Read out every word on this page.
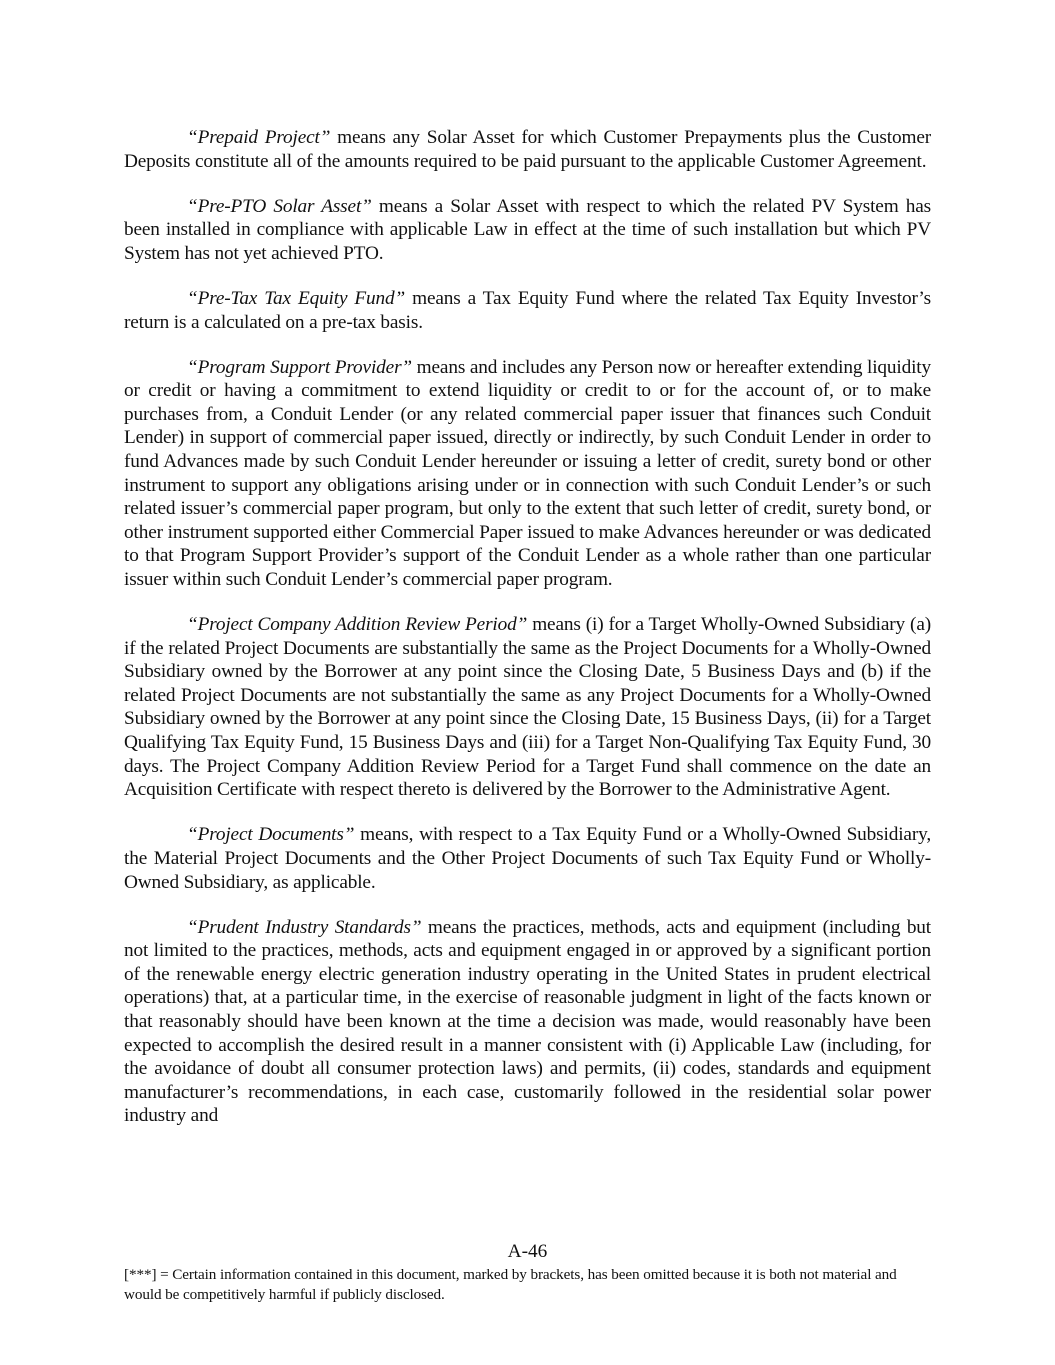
“Prepaid Project” means any Solar Asset for which Customer Prepayments plus the Customer Deposits constitute all of the amounts required to be paid pursuant to the applicable Customer Agreement.

“Pre-PTO Solar Asset” means a Solar Asset with respect to which the related PV System has been installed in compliance with applicable Law in effect at the time of such installation but which PV System has not yet achieved PTO.

“Pre-Tax Tax Equity Fund” means a Tax Equity Fund where the related Tax Equity Investor’s return is a calculated on a pre-tax basis.

“Program Support Provider” means and includes any Person now or hereafter extending liquidity or credit or having a commitment to extend liquidity or credit to or for the account of, or to make purchases from, a Conduit Lender (or any related commercial paper issuer that finances such Conduit Lender) in support of commercial paper issued, directly or indirectly, by such Conduit Lender in order to fund Advances made by such Conduit Lender hereunder or issuing a letter of credit, surety bond or other instrument to support any obligations arising under or in connection with such Conduit Lender’s or such related issuer’s commercial paper program, but only to the extent that such letter of credit, surety bond, or other instrument supported either Commercial Paper issued to make Advances hereunder or was dedicated to that Program Support Provider’s support of the Conduit Lender as a whole rather than one particular issuer within such Conduit Lender’s commercial paper program.

“Project Company Addition Review Period” means (i) for a Target Wholly-Owned Subsidiary (a) if the related Project Documents are substantially the same as the Project Documents for a Wholly-Owned Subsidiary owned by the Borrower at any point since the Closing Date, 5 Business Days and (b) if the related Project Documents are not substantially the same as any Project Documents for a Wholly-Owned Subsidiary owned by the Borrower at any point since the Closing Date, 15 Business Days, (ii) for a Target Qualifying Tax Equity Fund, 15 Business Days and (iii) for a Target Non-Qualifying Tax Equity Fund, 30 days. The Project Company Addition Review Period for a Target Fund shall commence on the date an Acquisition Certificate with respect thereto is delivered by the Borrower to the Administrative Agent.

“Project Documents” means, with respect to a Tax Equity Fund or a Wholly-Owned Subsidiary, the Material Project Documents and the Other Project Documents of such Tax Equity Fund or Wholly-Owned Subsidiary, as applicable.

“Prudent Industry Standards” means the practices, methods, acts and equipment (including but not limited to the practices, methods, acts and equipment engaged in or approved by a significant portion of the renewable energy electric generation industry operating in the United States in prudent electrical operations) that, at a particular time, in the exercise of reasonable judgment in light of the facts known or that reasonably should have been known at the time a decision was made, would reasonably have been expected to accomplish the desired result in a manner consistent with (i) Applicable Law (including, for the avoidance of doubt all consumer protection laws) and permits, (ii) codes, standards and equipment manufacturer’s recommendations, in each case, customarily followed in the residential solar power industry and

A-46
[***] = Certain information contained in this document, marked by brackets, has been omitted because it is both not material and would be competitively harmful if publicly disclosed.
